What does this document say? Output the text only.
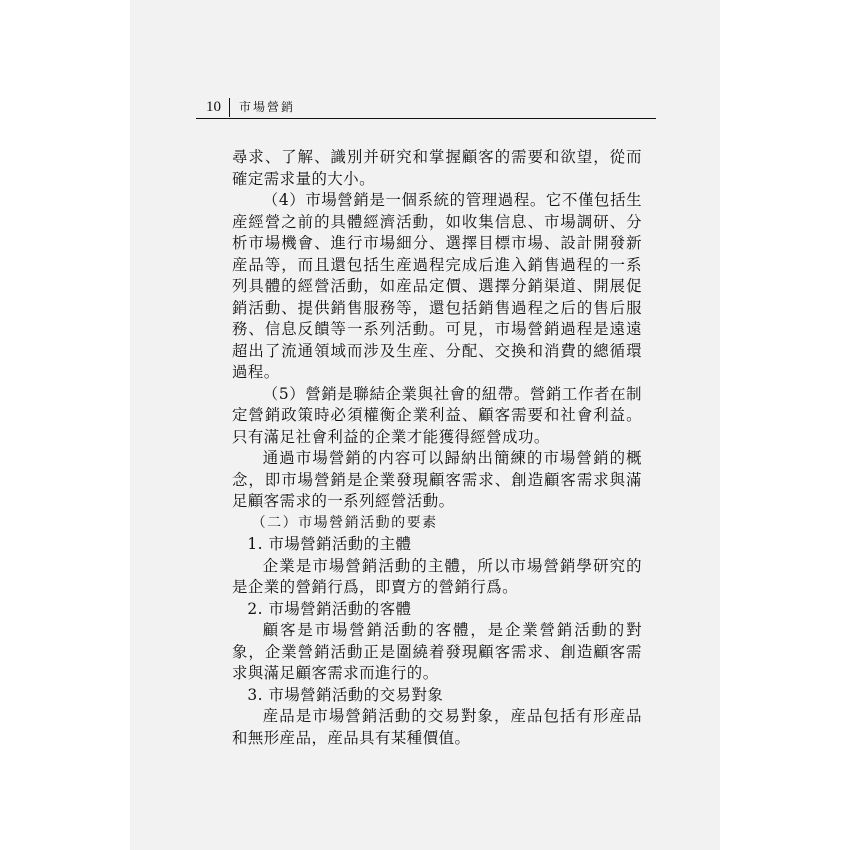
10 市場營銷

尋求、了解、識別并研究和掌握顧客的需要和欲望，從而確定需求量的大小。

（4）市場營銷是一個系統的管理過程。它不僅包括生産經營之前的具體經濟活動，如收集信息、市場調研、分析市場機會、進行市場細分、選擇目標市場、設計開發新産品等，而且還包括生産過程完成后進入銷售過程的一系列具體的經營活動，如産品定價、選擇分銷渠道、開展促銷活動、提供銷售服務等，還包括銷售過程之后的售后服務、信息反饋等一系列活動。可見，市場營銷過程是遠遠超出了流通領域而涉及生産、分配、交換和消費的總循環過程。

（5）營銷是聯結企業與社會的紐帶。營銷工作者在制定營銷政策時必須權衡企業利益、顧客需要和社會利益。只有滿足社會利益的企業才能獲得經營成功。

通過市場營銷的内容可以歸納出簡練的市場營銷的概念，即市場營銷是企業發現顧客需求、創造顧客需求與滿足顧客需求的一系列經營活動。

（二）市場營銷活動的要素

1. 市場營銷活動的主體

企業是市場營銷活動的主體，所以市場營銷學研究的是企業的營銷行爲，即賣方的營銷行爲。

2. 市場營銷活動的客體

顧客是市場營銷活動的客體，是企業營銷活動的對象，企業營銷活動正是圍繞着發現顧客需求、創造顧客需求與滿足顧客需求而進行的。

3. 市場營銷活動的交易對象

産品是市場營銷活動的交易對象，産品包括有形産品和無形産品，産品具有某種價值。
